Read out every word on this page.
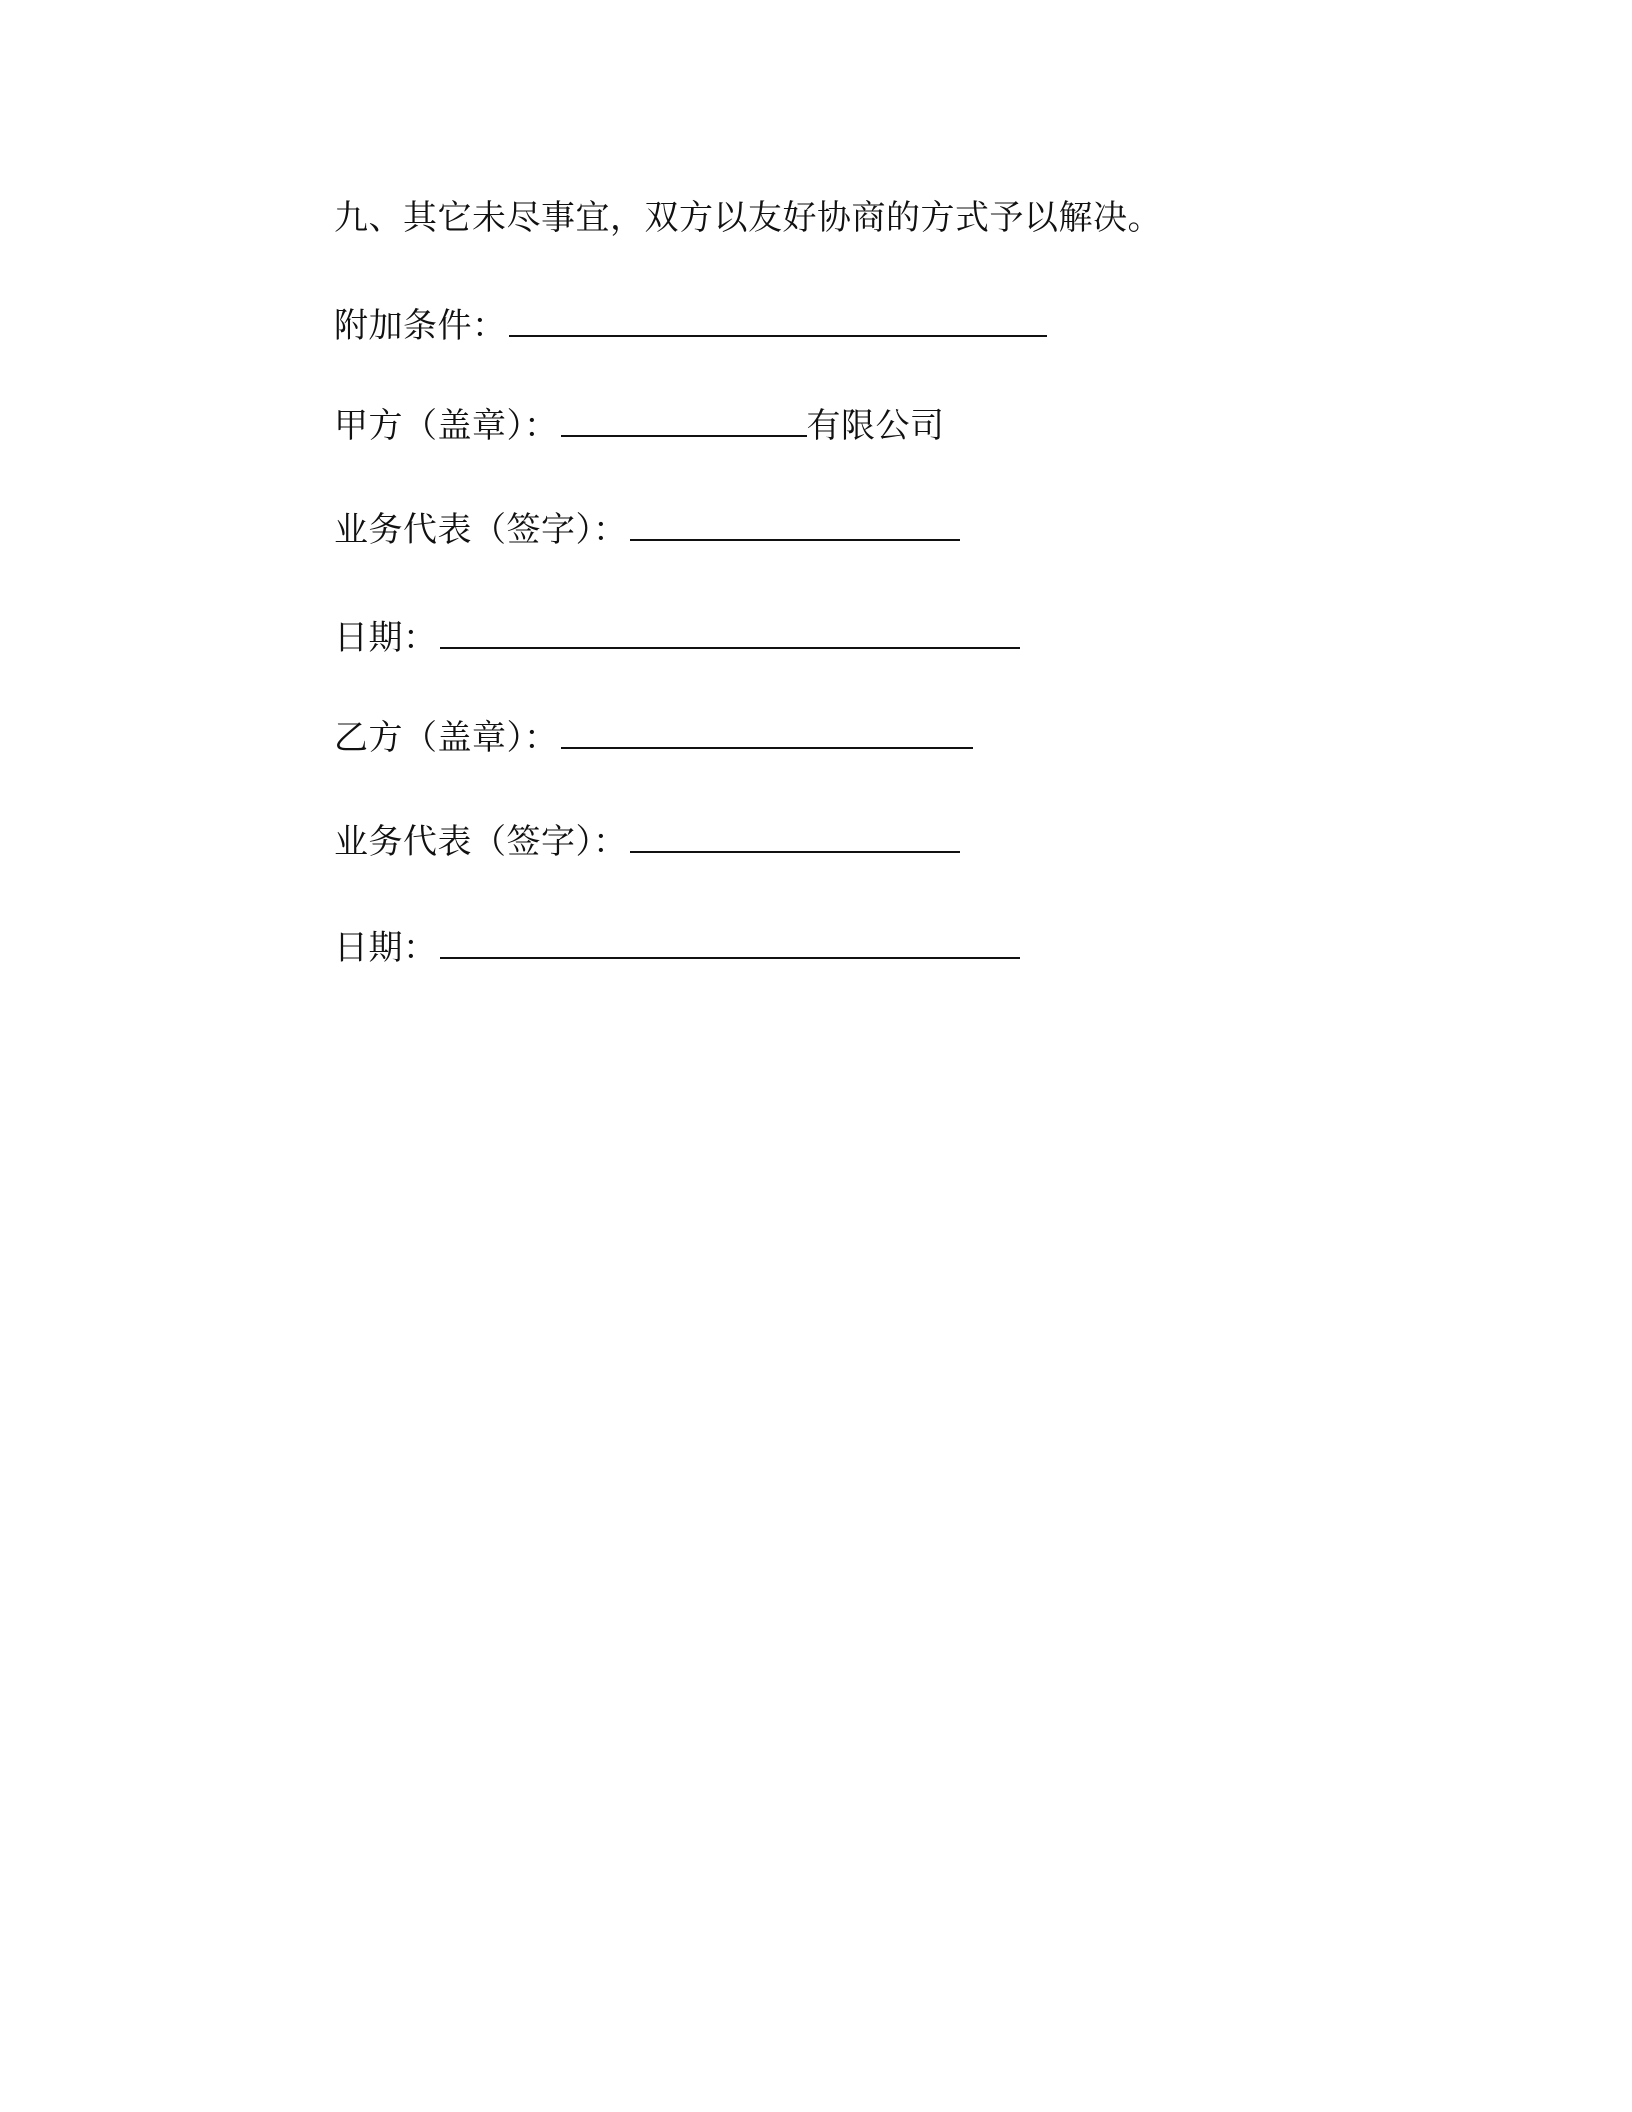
九、其它未尽事宜，双方以友好协商的方式予以解决。
附加条件：
甲方（盖章）：	有限公司
业务代表（签字）：
日期：
乙方（盖章）：
业务代表（签字）：
日期：
